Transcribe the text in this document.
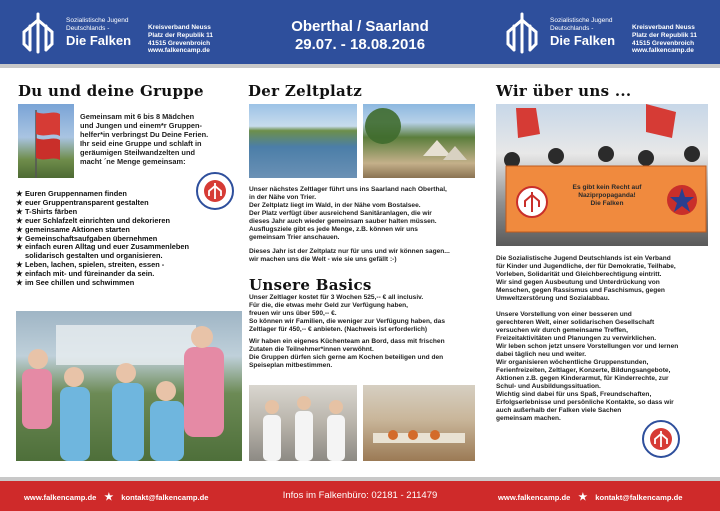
Sozialistische Jugend
Deutschlands -
Die Falken
Kreisverband Neuss
Platz der Republik 11
41515 Grevenbroich
www.falkencamp.de
Oberthal / Saarland
29.07. - 18.08.2016
Sozialistische Jugend
Deutschlands -
Die Falken
Kreisverband Neuss
Platz der Republik 11
41515 Grevenbroich
www.falkencamp.de
Du und deine Gruppe
Gemeinsam mit 6 bis 8 Mädchen
und Jungen und einem*r Gruppen-
helfer*in verbringst Du Deine Ferien.
Ihr seid eine Gruppe und schlaft in
geräumigen Steilwandzelten und
macht ´ne Menge gemeinsam:
★ Euren Gruppennamen finden
★ euer Gruppentransparent gestalten
★ T-Shirts färben
★ euer Schlafzelt einrichten und dekorieren
★ gemeinsame Aktionen starten
★ Gemeinschaftsaufgaben übernehmen
★ einfach euren Alltag und euer Zusammenleben
solidarisch gestalten und organisieren.
★ Leben, lachen, spielen, streiten, essen -
★ einfach mit- und füreinander da sein.
★ im See chillen und schwimmen
Der Zeltplatz
Unser nächstes Zeltlager führt uns ins Saarland nach Oberthal,
in der Nähe von Trier.
Der Zeltplatz liegt im Wald, in der Nähe vom Bostalsee.
Der Platz verfügt über ausreichend Sanitäranlagen, die wir
dieses Jahr auch wieder gemeinsam sauber halten müssen.
Ausflugsziele gibt es jede Menge, z.B. können wir uns
gemeinsam Trier anschauen.
Dieses Jahr ist der Zeltplatz nur für uns und wir können sagen...
wir machen uns die Welt - wie sie uns gefällt :-)
Unsere Basics
Unser Zeltlager kostet für 3 Wochen 525,-- € all inclusiv.
Für die, die etwas mehr Geld zur Verfügung haben,
freuen wir uns über 590,-- €.
So können wir Familien, die weniger zur Verfügung haben, das
Zeltlager für 450,-- € anbieten. (Nachweis ist erforderlich)
Wir haben ein eigenes Küchenteam an Bord, dass mit frischen
Zutaten die Teilnehmer*innen verwöhnt.
Die Gruppen dürfen sich gerne am Kochen beteiligen und den
Speiseplan mitbestimmen.
Wir über uns ...
Es gibt kein Recht auf
Naziprpopaganda!
Die Falken
Die Sozialistische Jugend Deutschlands ist ein Verband
für Kinder und Jugendliche, der für Demokratie, Teilhabe,
Vorleben, Solidarität und Gleichberechtigung eintritt.
Wir sind gegen Ausbeutung und Unterdrückung von
Menschen, gegen Rassismus und Faschismus, gegen
Umweltzerstörung und Sozialabbau.
Unsere Vorstellung von einer besseren und
gerechteren Welt, einer solidarischen Gesellschaft
versuchen wir durch gemeinsame Treffen,
Freizeitaktivitäten und Planungen zu verwirklichen.
Wir leben schon jetzt unsere Vorstellungen vor und lernen
dabei täglich neu und weiter.
Wir organisieren wöchentliche Gruppenstunden,
Ferienfreizeiten, Zeltlager, Konzerte, Bildungsangebote,
Aktionen z.B. gegen Kinderarmut, für Kinderrechte, zur
Schul- und Ausbildungssituation.
Wichtig sind dabei für uns Spaß, Freundschaften,
Erfolgserlebnisse und persönliche Kontakte, so dass wir
auch außerhalb der Falken viele Sachen
gemeinsam machen.
www.falkencamp.de ★ kontakt@falkencamp.de	Infos im Falkenbüro: 02181 - 211479	www.falkencamp.de ★ kontakt@falkencamp.de
